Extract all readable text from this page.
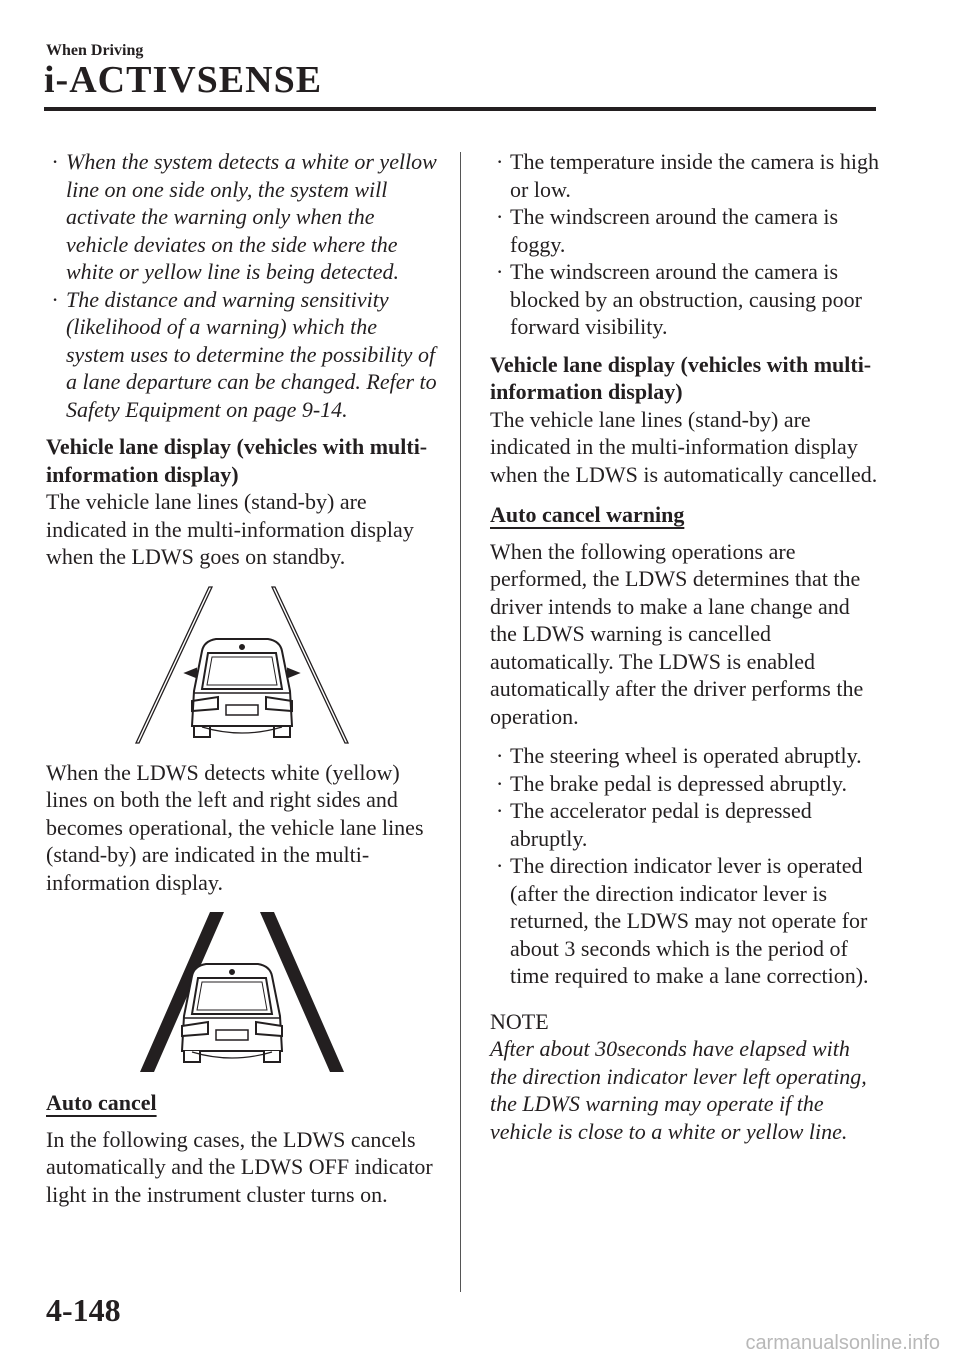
When Driving
i-ACTIVSENSE
· When the system detects a white or yellow line on one side only, the system will activate the warning only when the vehicle deviates on the side where the white or yellow line is being detected.
· The distance and warning sensitivity (likelihood of a warning) which the system uses to determine the possibility of a lane departure can be changed. Refer to Safety Equipment on page 9-14.
Vehicle lane display (vehicles with multi-information display)

The vehicle lane lines (stand-by) are indicated in the multi-information display when the LDWS goes on standby.

When the LDWS detects white (yellow) lines on both the left and right sides and becomes operational, the vehicle lane lines (stand-by) are indicated in the multi-information display.

Auto cancel

In the following cases, the LDWS cancels automatically and the LDWS OFF indicator light in the instrument cluster turns on.

· The temperature inside the camera is high or low.
· The windscreen around the camera is foggy.
· The windscreen around the camera is blocked by an obstruction, causing poor forward visibility.
Vehicle lane display (vehicles with multi-information display)

The vehicle lane lines (stand-by) are indicated in the multi-information display when the LDWS is automatically cancelled.

Auto cancel warning

When the following operations are performed, the LDWS determines that the driver intends to make a lane change and the LDWS warning is cancelled automatically. The LDWS is enabled automatically after the driver performs the operation.

· The steering wheel is operated abruptly.
· The brake pedal is depressed abruptly.
· The accelerator pedal is depressed abruptly.
· The direction indicator lever is operated (after the direction indicator lever is returned, the LDWS may not operate for about 3 seconds which is the period of time required to make a lane correction).
NOTE

After about 30seconds have elapsed with the direction indicator lever left operating, the LDWS warning may operate if the vehicle is close to a white or yellow line.

4-148
carmanualsonline.info
